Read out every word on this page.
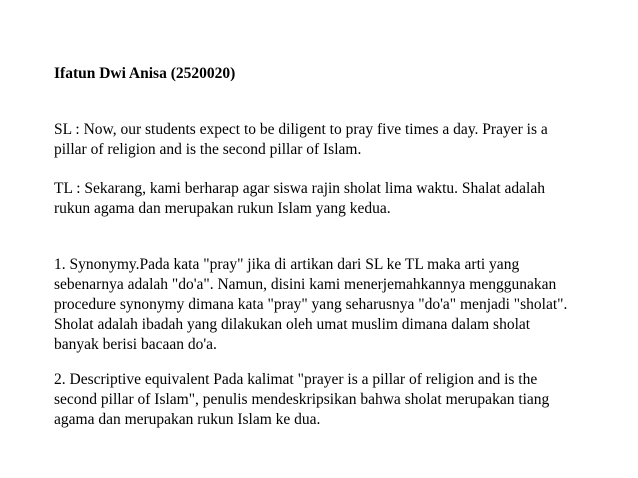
Ifatun Dwi Anisa (2520020)

SL : Now, our students expect to be diligent to pray five times a day. Prayer is a
pillar of religion and is the second pillar of Islam.

TL : Sekarang, kami berharap agar siswa rajin sholat lima waktu. Shalat adalah
rukun agama dan merupakan rukun Islam yang kedua.

1. Synonymy.Pada kata "pray" jika di artikan dari SL ke TL maka arti yang
sebenarnya adalah "do'a". Namun, disini kami menerjemahkannya menggunakan
procedure synonymy dimana kata "pray" yang seharusnya "do'a" menjadi "sholat".
Sholat adalah ibadah yang dilakukan oleh umat muslim dimana dalam sholat
banyak berisi bacaan do'a.

2. Descriptive equivalent Pada kalimat "prayer is a pillar of religion and is the
second pillar of Islam", penulis mendeskripsikan bahwa sholat merupakan tiang
agama dan merupakan rukun Islam ke dua.
